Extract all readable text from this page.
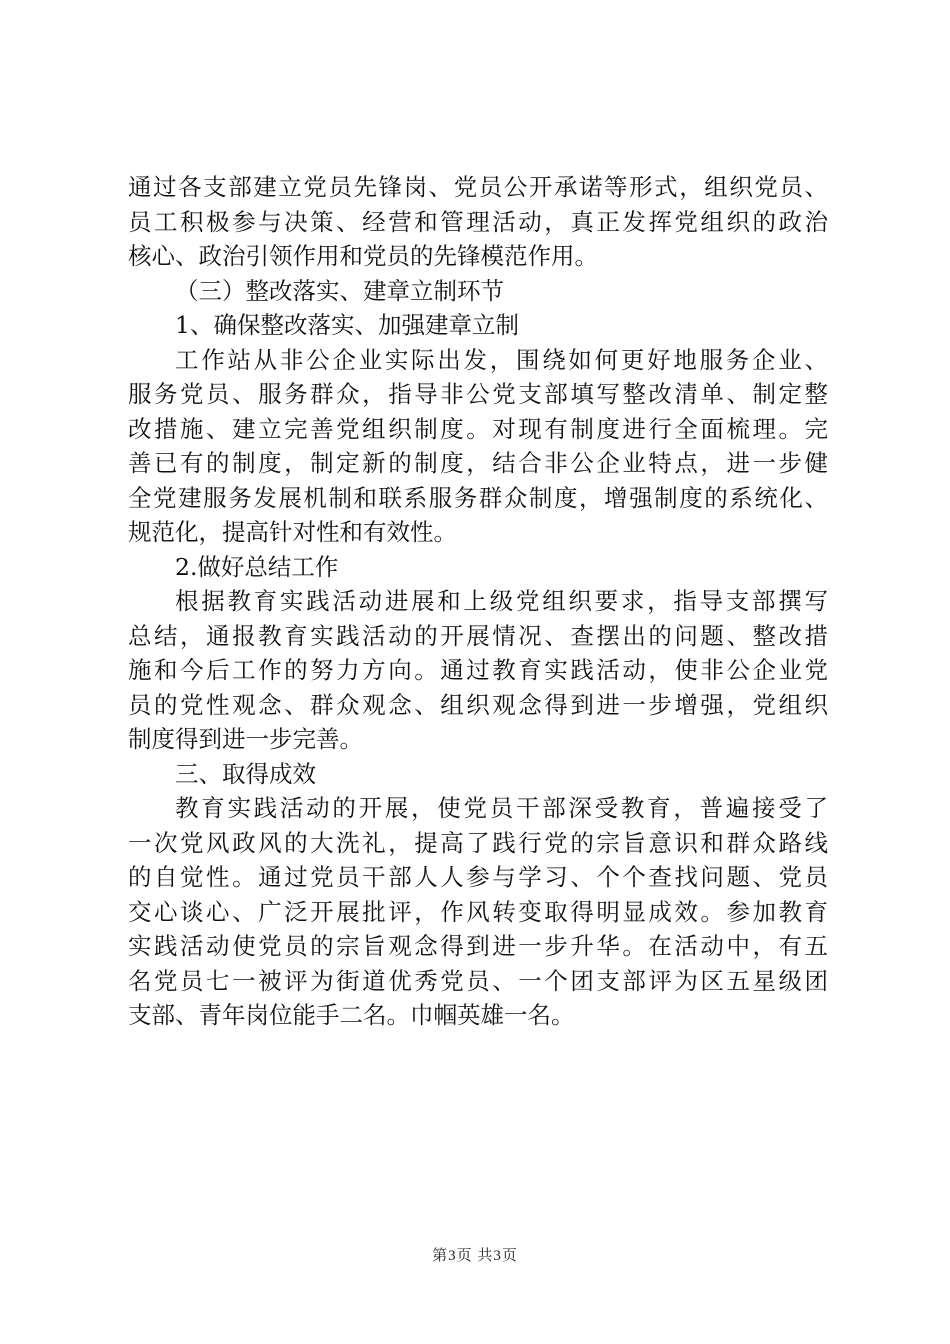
通过各支部建立党员先锋岗、党员公开承诺等形式，组织党员、
员工积极参与决策、经营和管理活动，真正发挥党组织的政治
核心、政治引领作用和党员的先锋模范作用。
（三）整改落实、建章立制环节
1、确保整改落实、加强建章立制
工作站从非公企业实际出发，围绕如何更好地服务企业、
服务党员、服务群众，指导非公党支部填写整改清单、制定整
改措施、建立完善党组织制度。对现有制度进行全面梳理。完
善已有的制度，制定新的制度，结合非公企业特点，进一步健
全党建服务发展机制和联系服务群众制度，增强制度的系统化、
规范化，提高针对性和有效性。
2.做好总结工作
根据教育实践活动进展和上级党组织要求，指导支部撰写
总结，通报教育实践活动的开展情况、查摆出的问题、整改措
施和今后工作的努力方向。通过教育实践活动，使非公企业党
员的党性观念、群众观念、组织观念得到进一步增强，党组织
制度得到进一步完善。
三、取得成效
教育实践活动的开展，使党员干部深受教育，普遍接受了
一次党风政风的大洗礼，提高了践行党的宗旨意识和群众路线
的自觉性。通过党员干部人人参与学习、个个查找问题、党员
交心谈心、广泛开展批评，作风转变取得明显成效。参加教育
实践活动使党员的宗旨观念得到进一步升华。在活动中，有五
名党员七一被评为街道优秀党员、一个团支部评为区五星级团
支部、青年岗位能手二名。巾帼英雄一名。
第3页 共3页
